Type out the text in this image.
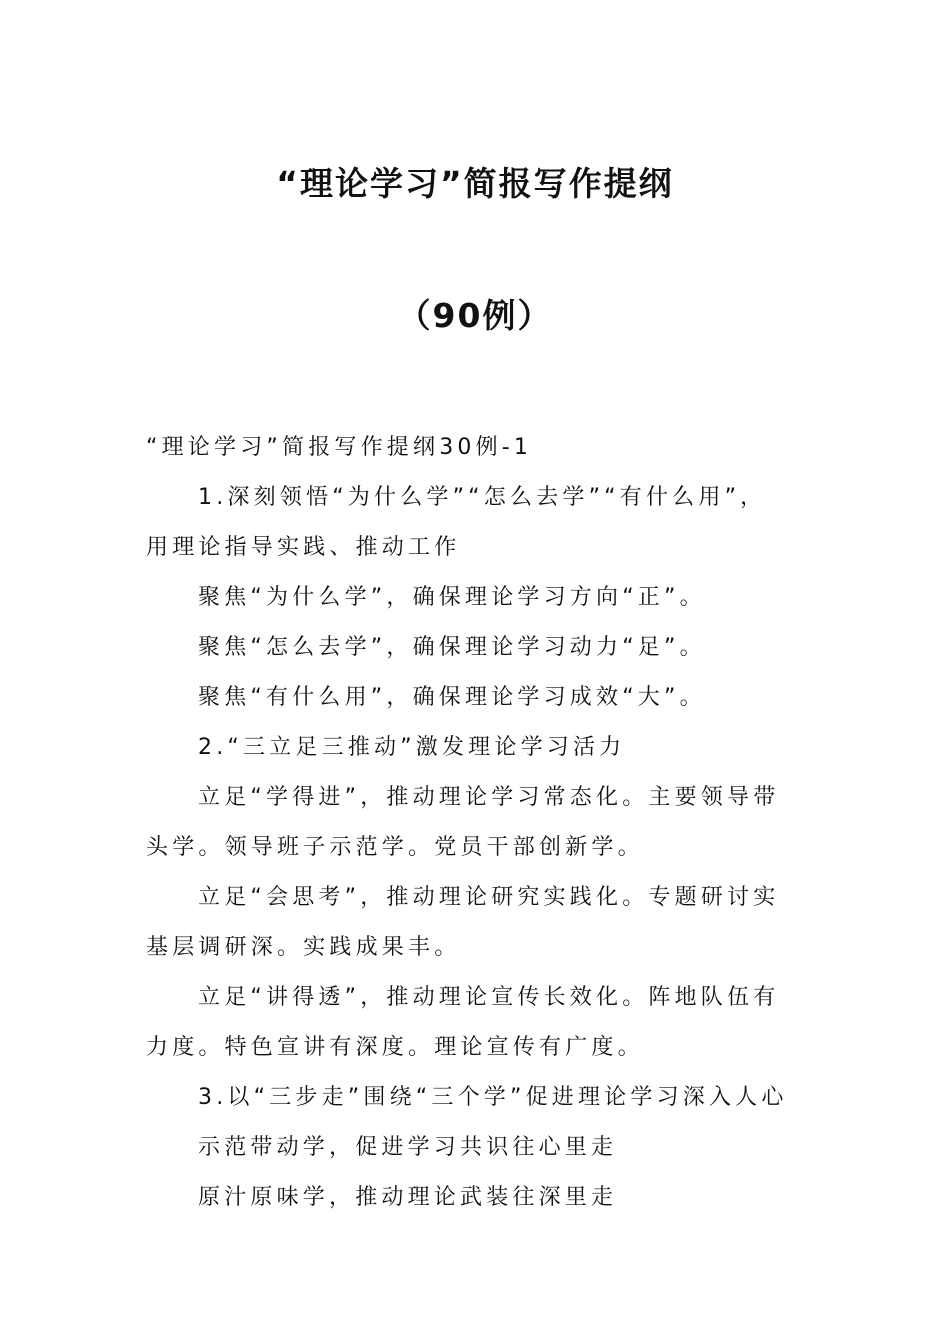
“理论学习”简报写作提纲
（90例）
“理论学习”简报写作提纲30例-1
1.深刻领悟“为什么学”“怎么去学”“有什么用”，
用理论指导实践、推动工作
聚焦“为什么学”，确保理论学习方向“正”。
聚焦“怎么去学”，确保理论学习动力“足”。
聚焦“有什么用”，确保理论学习成效“大”。
2.“三立足三推动”激发理论学习活力
立足“学得进”，推动理论学习常态化。主要领导带
头学。领导班子示范学。党员干部创新学。
立足“会思考”，推动理论研究实践化。专题研讨实
基层调研深。实践成果丰。
立足“讲得透”，推动理论宣传长效化。阵地队伍有
力度。特色宣讲有深度。理论宣传有广度。
3.以“三步走”围绕“三个学”促进理论学习深入人心
示范带动学，促进学习共识往心里走
原汁原味学，推动理论武装往深里走
